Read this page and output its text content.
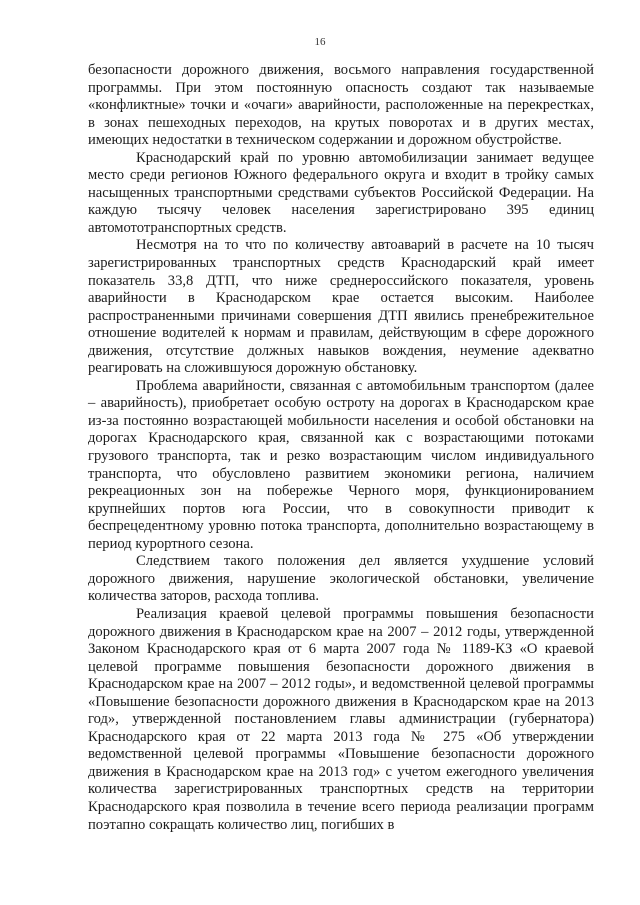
16

безопасности дорожного движения, восьмого направления государственной программы. При этом постоянную опасность создают так называемые «конфликтные» точки и «очаги» аварийности, расположенные на перекрестках, в зонах пешеходных переходов, на крутых поворотах и в других местах, имеющих недостатки в техническом содержании и дорожном обустройстве.

Краснодарский край по уровню автомобилизации занимает ведущее место среди регионов Южного федерального округа и входит в тройку самых насыщенных транспортными средствами субъектов Российской Федерации. На каждую тысячу человек населения зарегистрировано 395 единиц автомототранспортных средств.

Несмотря на то что по количеству автоаварий в расчете на 10 тысяч зарегистрированных транспортных средств Краснодарский край имеет показатель 33,8 ДТП, что ниже среднероссийского показателя, уровень аварийности в Краснодарском крае остается высоким. Наиболее распространенными причинами совершения ДТП явились пренебрежительное отношение водителей к нормам и правилам, действующим в сфере дорожного движения, отсутствие должных навыков вождения, неумение адекватно реагировать на сложившуюся дорожную обстановку.

Проблема аварийности, связанная с автомобильным транспортом (далее – аварийность), приобретает особую остроту на дорогах в Краснодарском крае из-за постоянно возрастающей мобильности населения и особой обстановки на дорогах Краснодарского края, связанной как с возрастающими потоками грузового транспорта, так и резко возрастающим числом индивидуального транспорта, что обусловлено развитием экономики региона, наличием рекреационных зон на побережье Черного моря, функционированием крупнейших портов юга России, что в совокупности приводит к беспрецедентному уровню потока транспорта, дополнительно возрастающему в период курортного сезона.

Следствием такого положения дел является ухудшение условий дорожного движения, нарушение экологической обстановки, увеличение количества заторов, расхода топлива.

Реализация краевой целевой программы повышения безопасности дорожного движения в Краснодарском крае на 2007 – 2012 годы, утвержденной Законом Краснодарского края от 6 марта 2007 года № 1189-КЗ «О краевой целевой программе повышения безопасности дорожного движения в Краснодарском крае на 2007 – 2012 годы», и ведомственной целевой программы «Повышение безопасности дорожного движения в Краснодарском крае на 2013 год», утвержденной постановлением главы администрации (губернатора) Краснодарского края от 22 марта 2013 года № 275 «Об утверждении ведомственной целевой программы «Повышение безопасности дорожного движения в Краснодарском крае на 2013 год» с учетом ежегодного увеличения количества зарегистрированных транспортных средств на территории Краснодарского края позволила в течение всего периода реализации программ поэтапно сокращать количество лиц, погибших в
